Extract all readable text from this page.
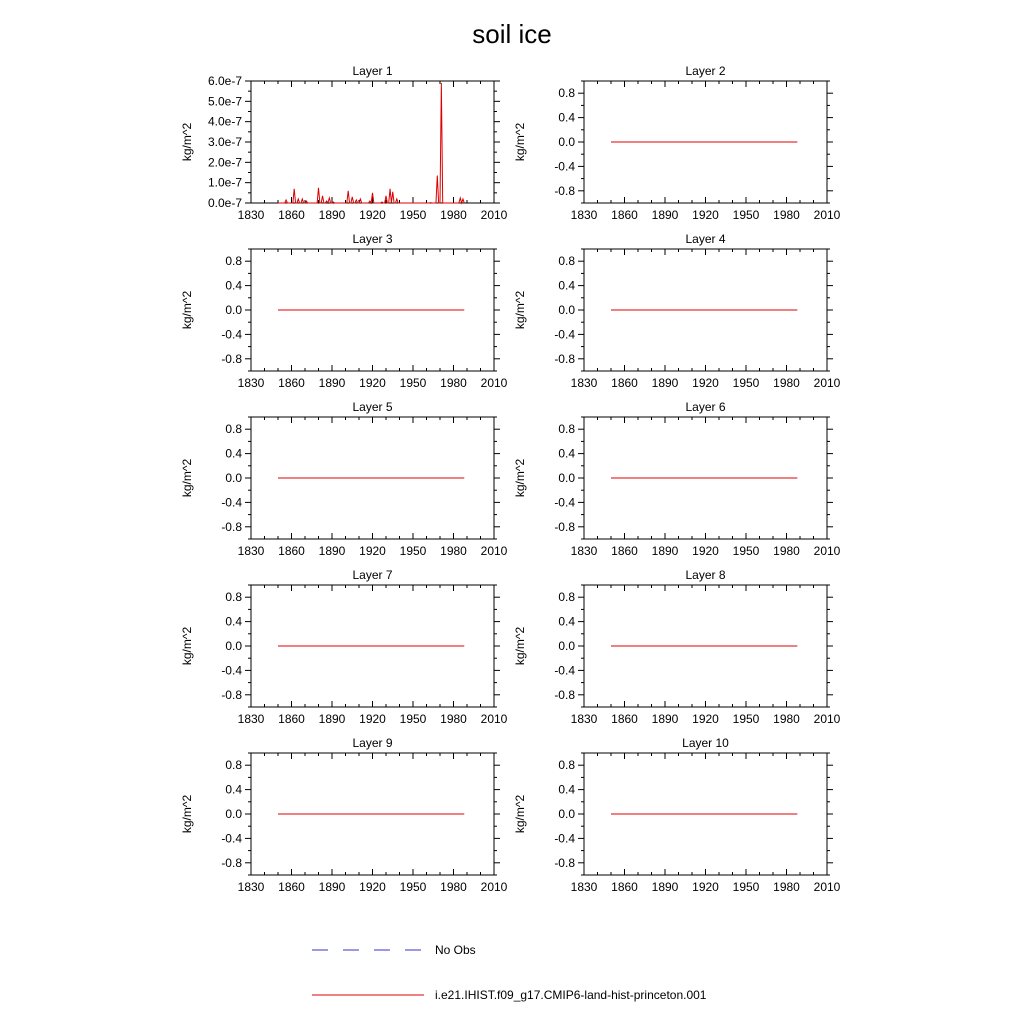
soil ice
Layer 1
kg/m^2
1830 1860 1890 1920 1950 1980 2010
0.0e-7
1.0e-7
2.0e-7
3.0e-7
4.0e-7
5.0e-7
6.0e-7
Layer 2
kg/m^2
1830 1860 1890 1920 1950 1980 2010
-0.8
-0.4
0.0
0.4
0.8
Layer 3
kg/m^2
1830 1860 1890 1920 1950 1980 2010
-0.8
-0.4
0.0
0.4
0.8
Layer 4
kg/m^2
1830 1860 1890 1920 1950 1980 2010
-0.8
-0.4
0.0
0.4
0.8
Layer 5
kg/m^2
1830 1860 1890 1920 1950 1980 2010
-0.8
-0.4
0.0
0.4
0.8
Layer 6
kg/m^2
1830 1860 1890 1920 1950 1980 2010
-0.8
-0.4
0.0
0.4
0.8
Layer 7
kg/m^2
1830 1860 1890 1920 1950 1980 2010
-0.8
-0.4
0.0
0.4
0.8
Layer 8
kg/m^2
1830 1860 1890 1920 1950 1980 2010
-0.8
-0.4
0.0
0.4
0.8
Layer 9
kg/m^2
1830 1860 1890 1920 1950 1980 2010
-0.8
-0.4
0.0
0.4
0.8
Layer 10
kg/m^2
1830 1860 1890 1920 1950 1980 2010
-0.8
-0.4
0.0
0.4
0.8
No Obs
i.e21.IHIST.f09_g17.CMIP6-land-hist-princeton.001
